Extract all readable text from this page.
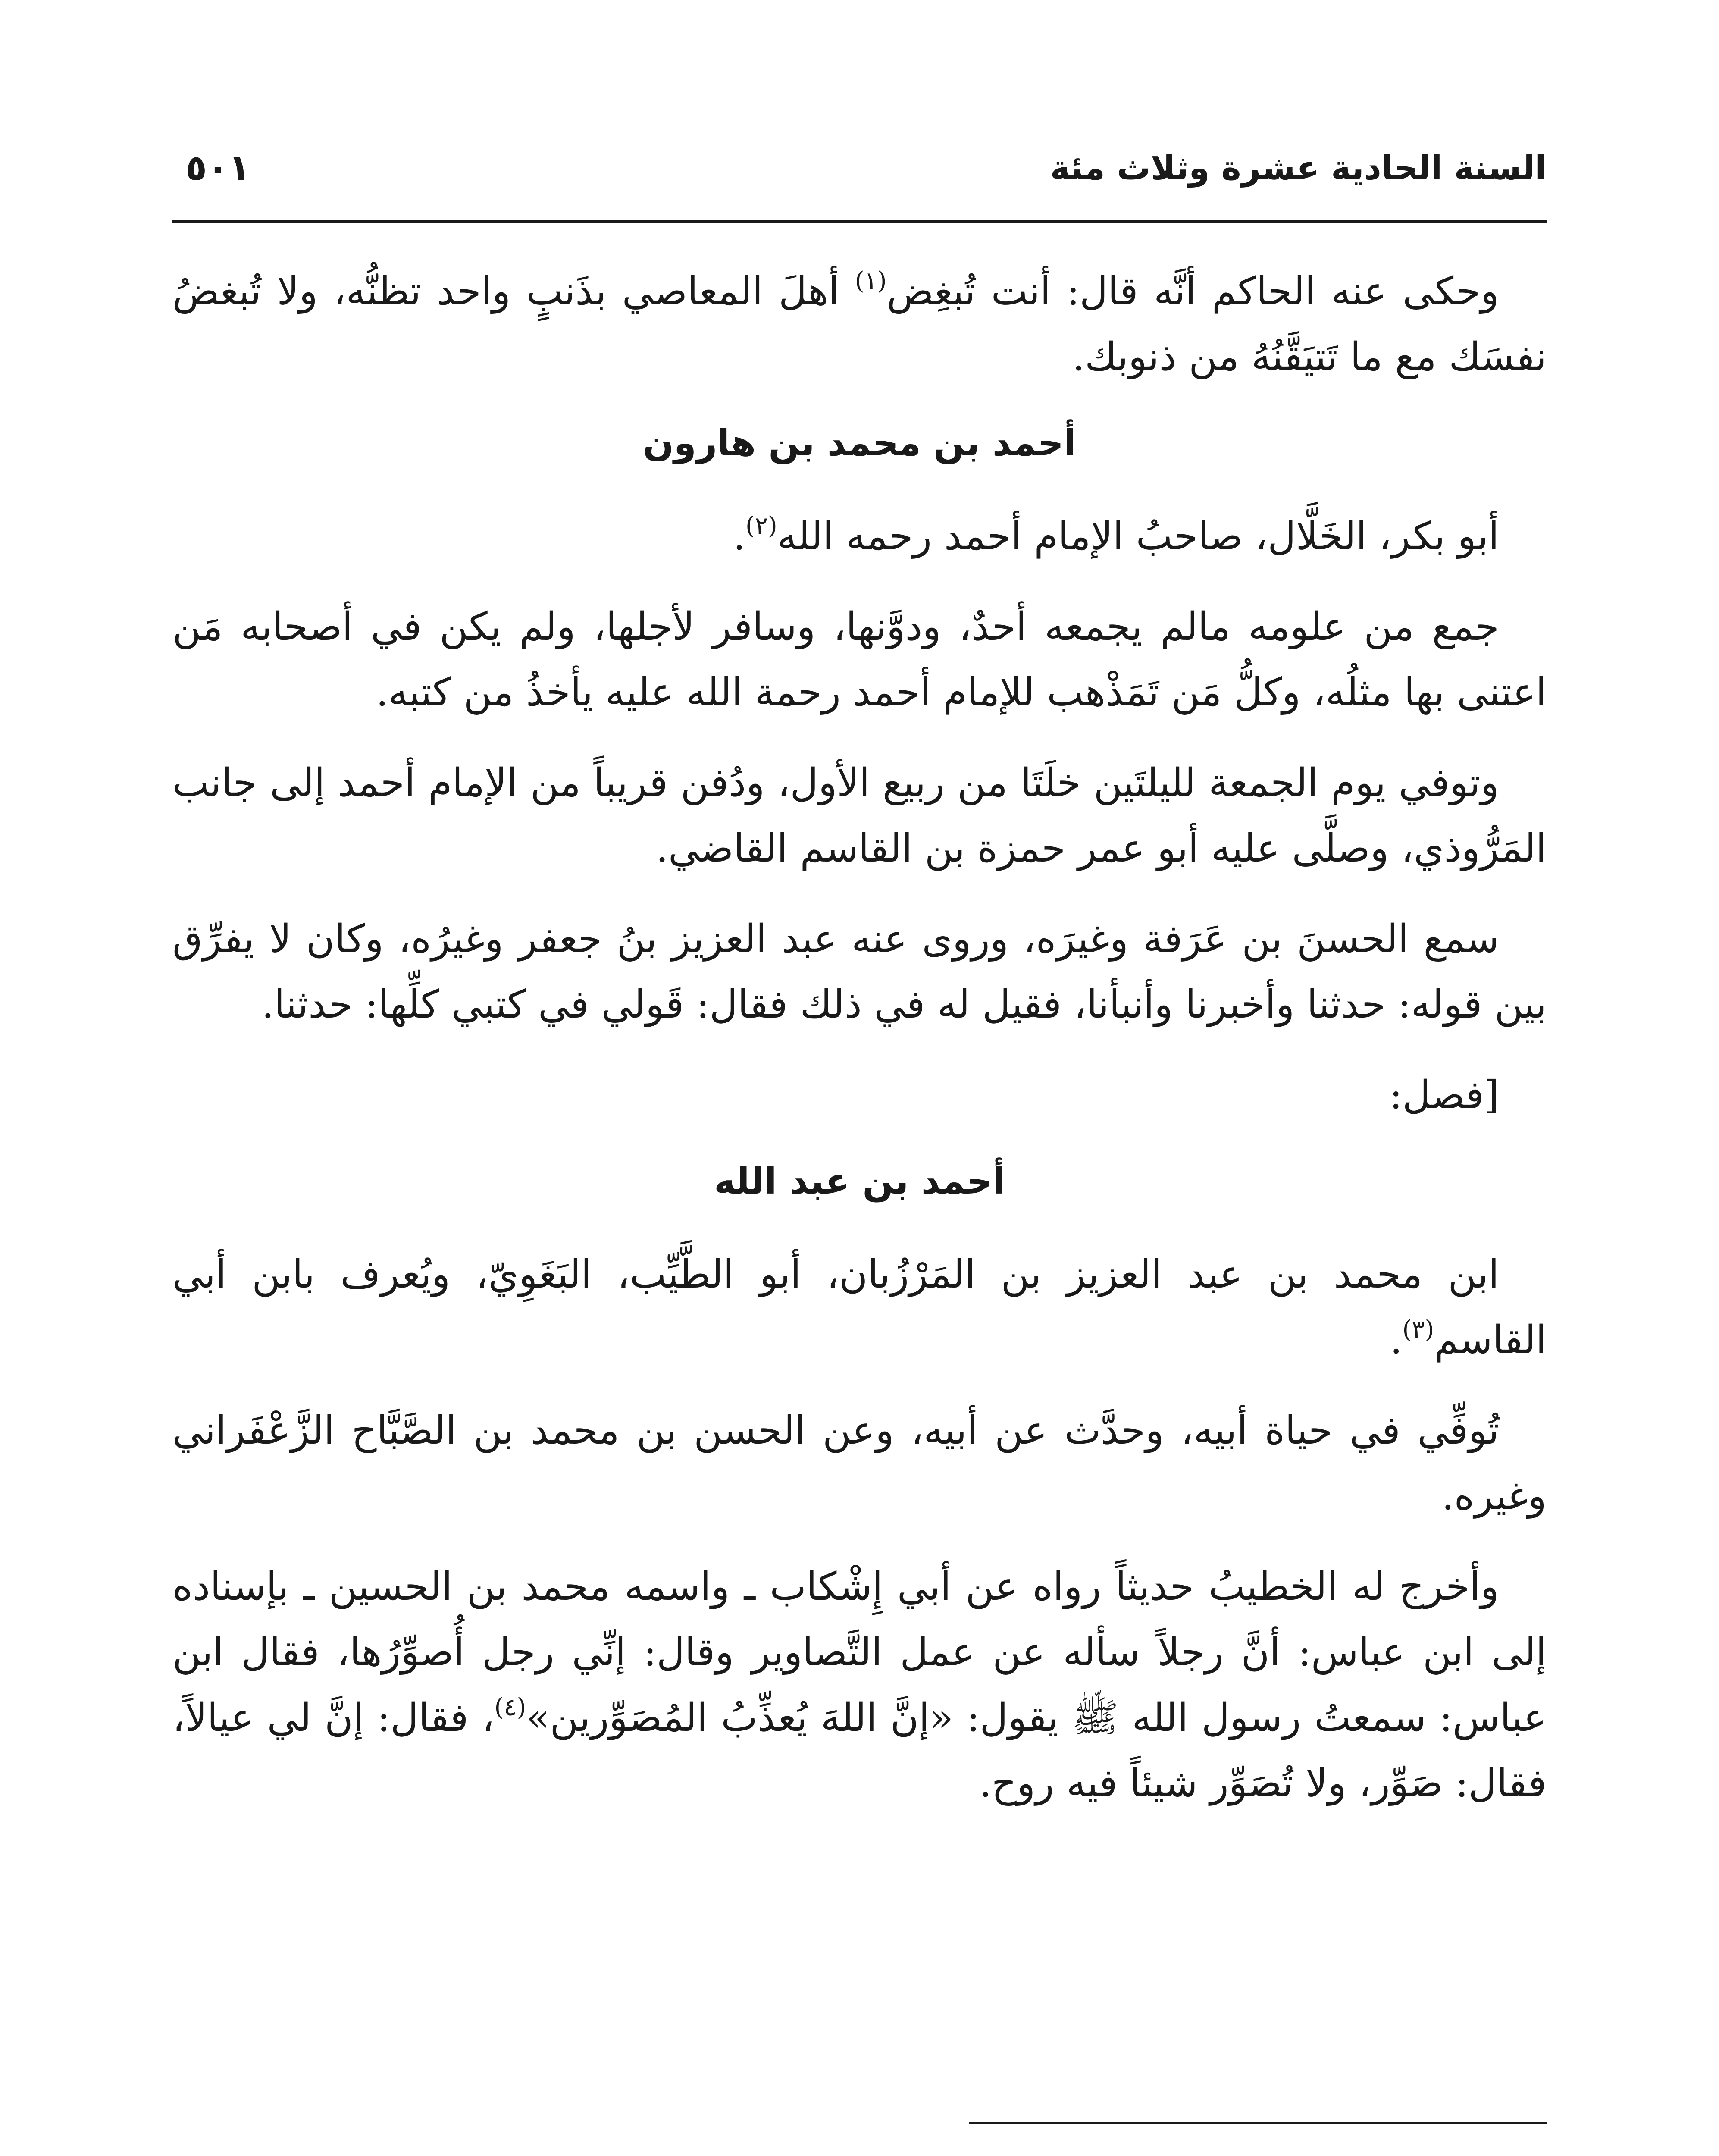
السنة الحادية عشرة وثلاث مئة
٥٠١

وحكى عنه الحاكم أنَّه قال: أنت تُبغِض$^{(١)}$ أهلَ المعاصي بذَنبٍ واحد تظنُّه، ولا تُبغضُ نفسَك مع ما تَتيَقَّنُهُ من ذنوبك.

أحمد بن محمد بن هارون

أبو بكر، الخَلَّال، صاحبُ الإمام أحمد رحمه الله$^{(٢)}$.

جمع من علومه مالم يجمعه أحدٌ، ودوَّنها، وسافر لأجلها، ولم يكن في أصحابه مَن اعتنى بها مثلُه، وكلُّ مَن تَمَذْهب للإمام أحمد رحمة الله عليه يأخذُ من كتبه.

وتوفي يوم الجمعة لليلتَين خلَتَا من ربيع الأول، ودُفن قريباً من الإمام أحمد إلى جانب المَرُّوذي، وصلَّى عليه أبو عمر حمزة بن القاسم القاضي.

سمع الحسنَ بن عَرَفة وغيرَه، وروى عنه عبد العزيز بنُ جعفر وغيرُه، وكان لا يفرِّق بين قوله: حدثنا وأخبرنا وأنبأنا، فقيل له في ذلك فقال: قَولي في كتبي كلِّها: حدثنا.

[فصل:

أحمد بن عبد الله

ابن محمد بن عبد العزيز بن المَرْزُبان، أبو الطَّيِّب، البَغَوِيّ، ويُعرف بابن أبي القاسم$^{(٣)}$.

تُوفِّي في حياة أبيه، وحدَّث عن أبيه، وعن الحسن بن محمد بن الصَّبَّاح الزَّعْفَراني وغيره.

وأخرج له الخطيبُ حديثاً رواه عن أبي إِشْكاب ـ واسمه محمد بن الحسين ـ بإسناده إلى ابن عباس: أنَّ رجلاً سأله عن عمل التَّصاوير وقال: إنِّي رجل أُصوِّرُها، فقال ابن عباس: سمعتُ رسول الله ﷺ يقول: «إنَّ اللهَ يُعذِّبُ المُصَوِّرين»$^{(٤)}$، فقال: إنَّ لي عيالاً، فقال: صَوِّر، ولا تُصَوِّر شيئاً فيه روح.
